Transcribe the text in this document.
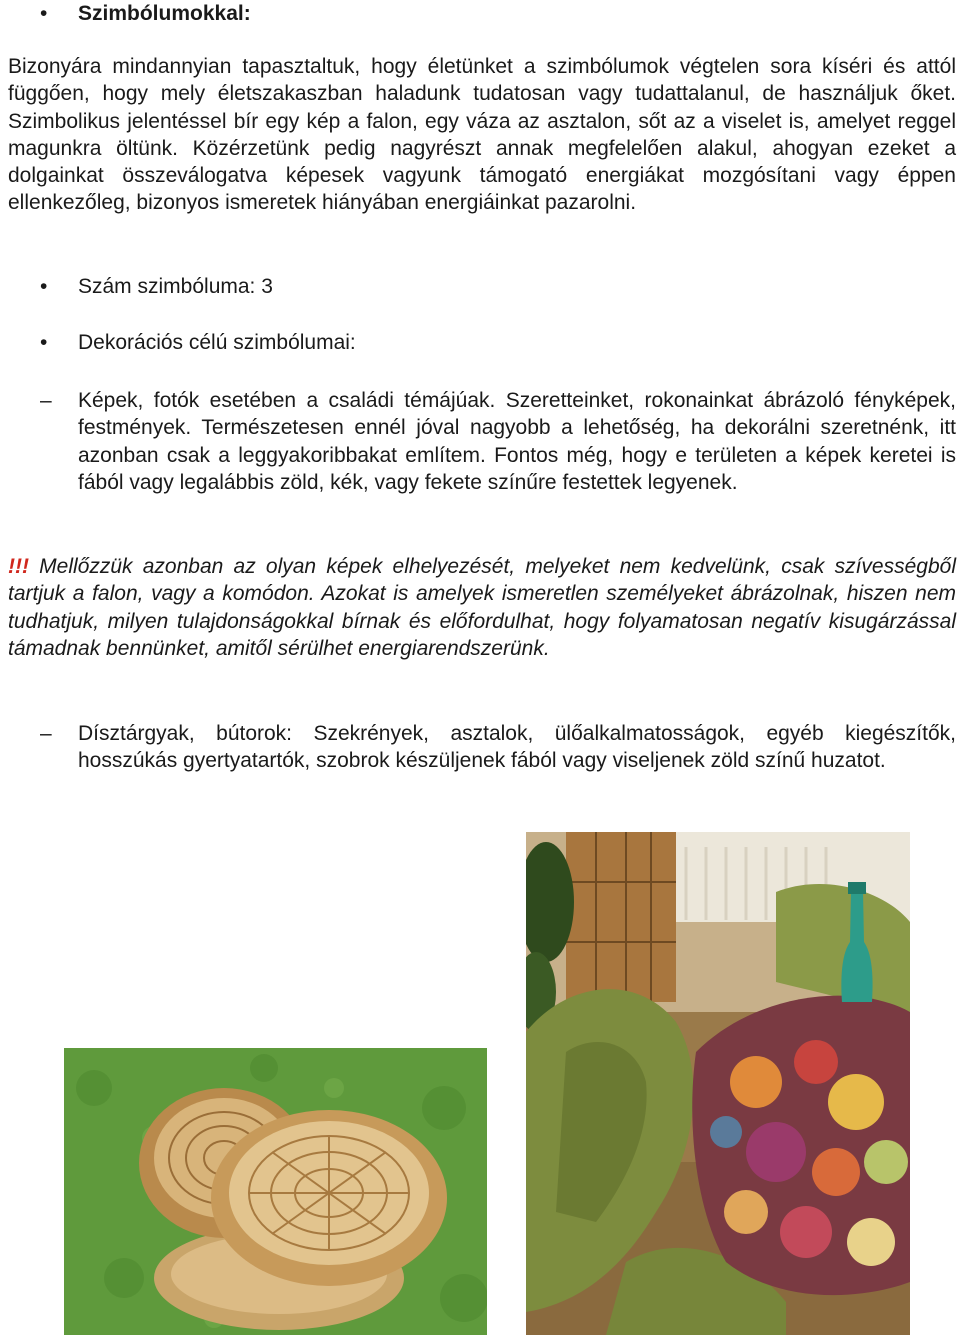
• Szimbólumokkal:
Bizonyára mindannyian tapasztaltuk, hogy életünket a szimbólumok végtelen sora kíséri és attól függően, hogy mely életszakaszban haladunk tudatosan vagy tudattalanul, de használjuk őket. Szimbolikus jelentéssel bír egy kép a falon, egy váza az asztalon, sőt az a viselet is, amelyet reggel magunkra öltünk. Közérzetünk pedig nagyrészt annak megfelelően alakul, ahogyan ezeket a dolgainkat összeválogatva képesek vagyunk támogató energiákat mozgósítani vagy éppen ellenkezőleg, bizonyos ismeretek hiányában energiáinkat pazarolni.
• Szám szimbóluma: 3
• Dekorációs célú szimbólumai:
– Képek, fotók esetében a családi témájúak. Szeretteinket, rokonainkat ábrázoló fényképek, festmények. Természetesen ennél jóval nagyobb a lehetőség, ha dekorálni szeretnénk, itt azonban csak a leggyakoribbakat említem. Fontos még, hogy e területen a képek keretei is fából vagy legalábbis zöld, kék, vagy fekete színűre festettek legyenek.
!!! Mellőzzük azonban az olyan képek elhelyezését, melyeket nem kedvelünk, csak szívességből tartjuk a falon, vagy a komódon. Azokat is amelyek ismeretlen személyeket ábrázolnak, hiszen nem tudhatjuk, milyen tulajdonságokkal bírnak és előfordulhat, hogy folyamatosan negatív kisugárzással támadnak bennünket, amitől sérülhet energiarendszerünk.
– Dísztárgyak, bútorok: Szekrények, asztalok, ülőalkalmatosságok, egyéb kiegészítők, hosszúkás gyertyatartók, szobrok készüljenek fából vagy viseljenek zöld színű huzatot.
